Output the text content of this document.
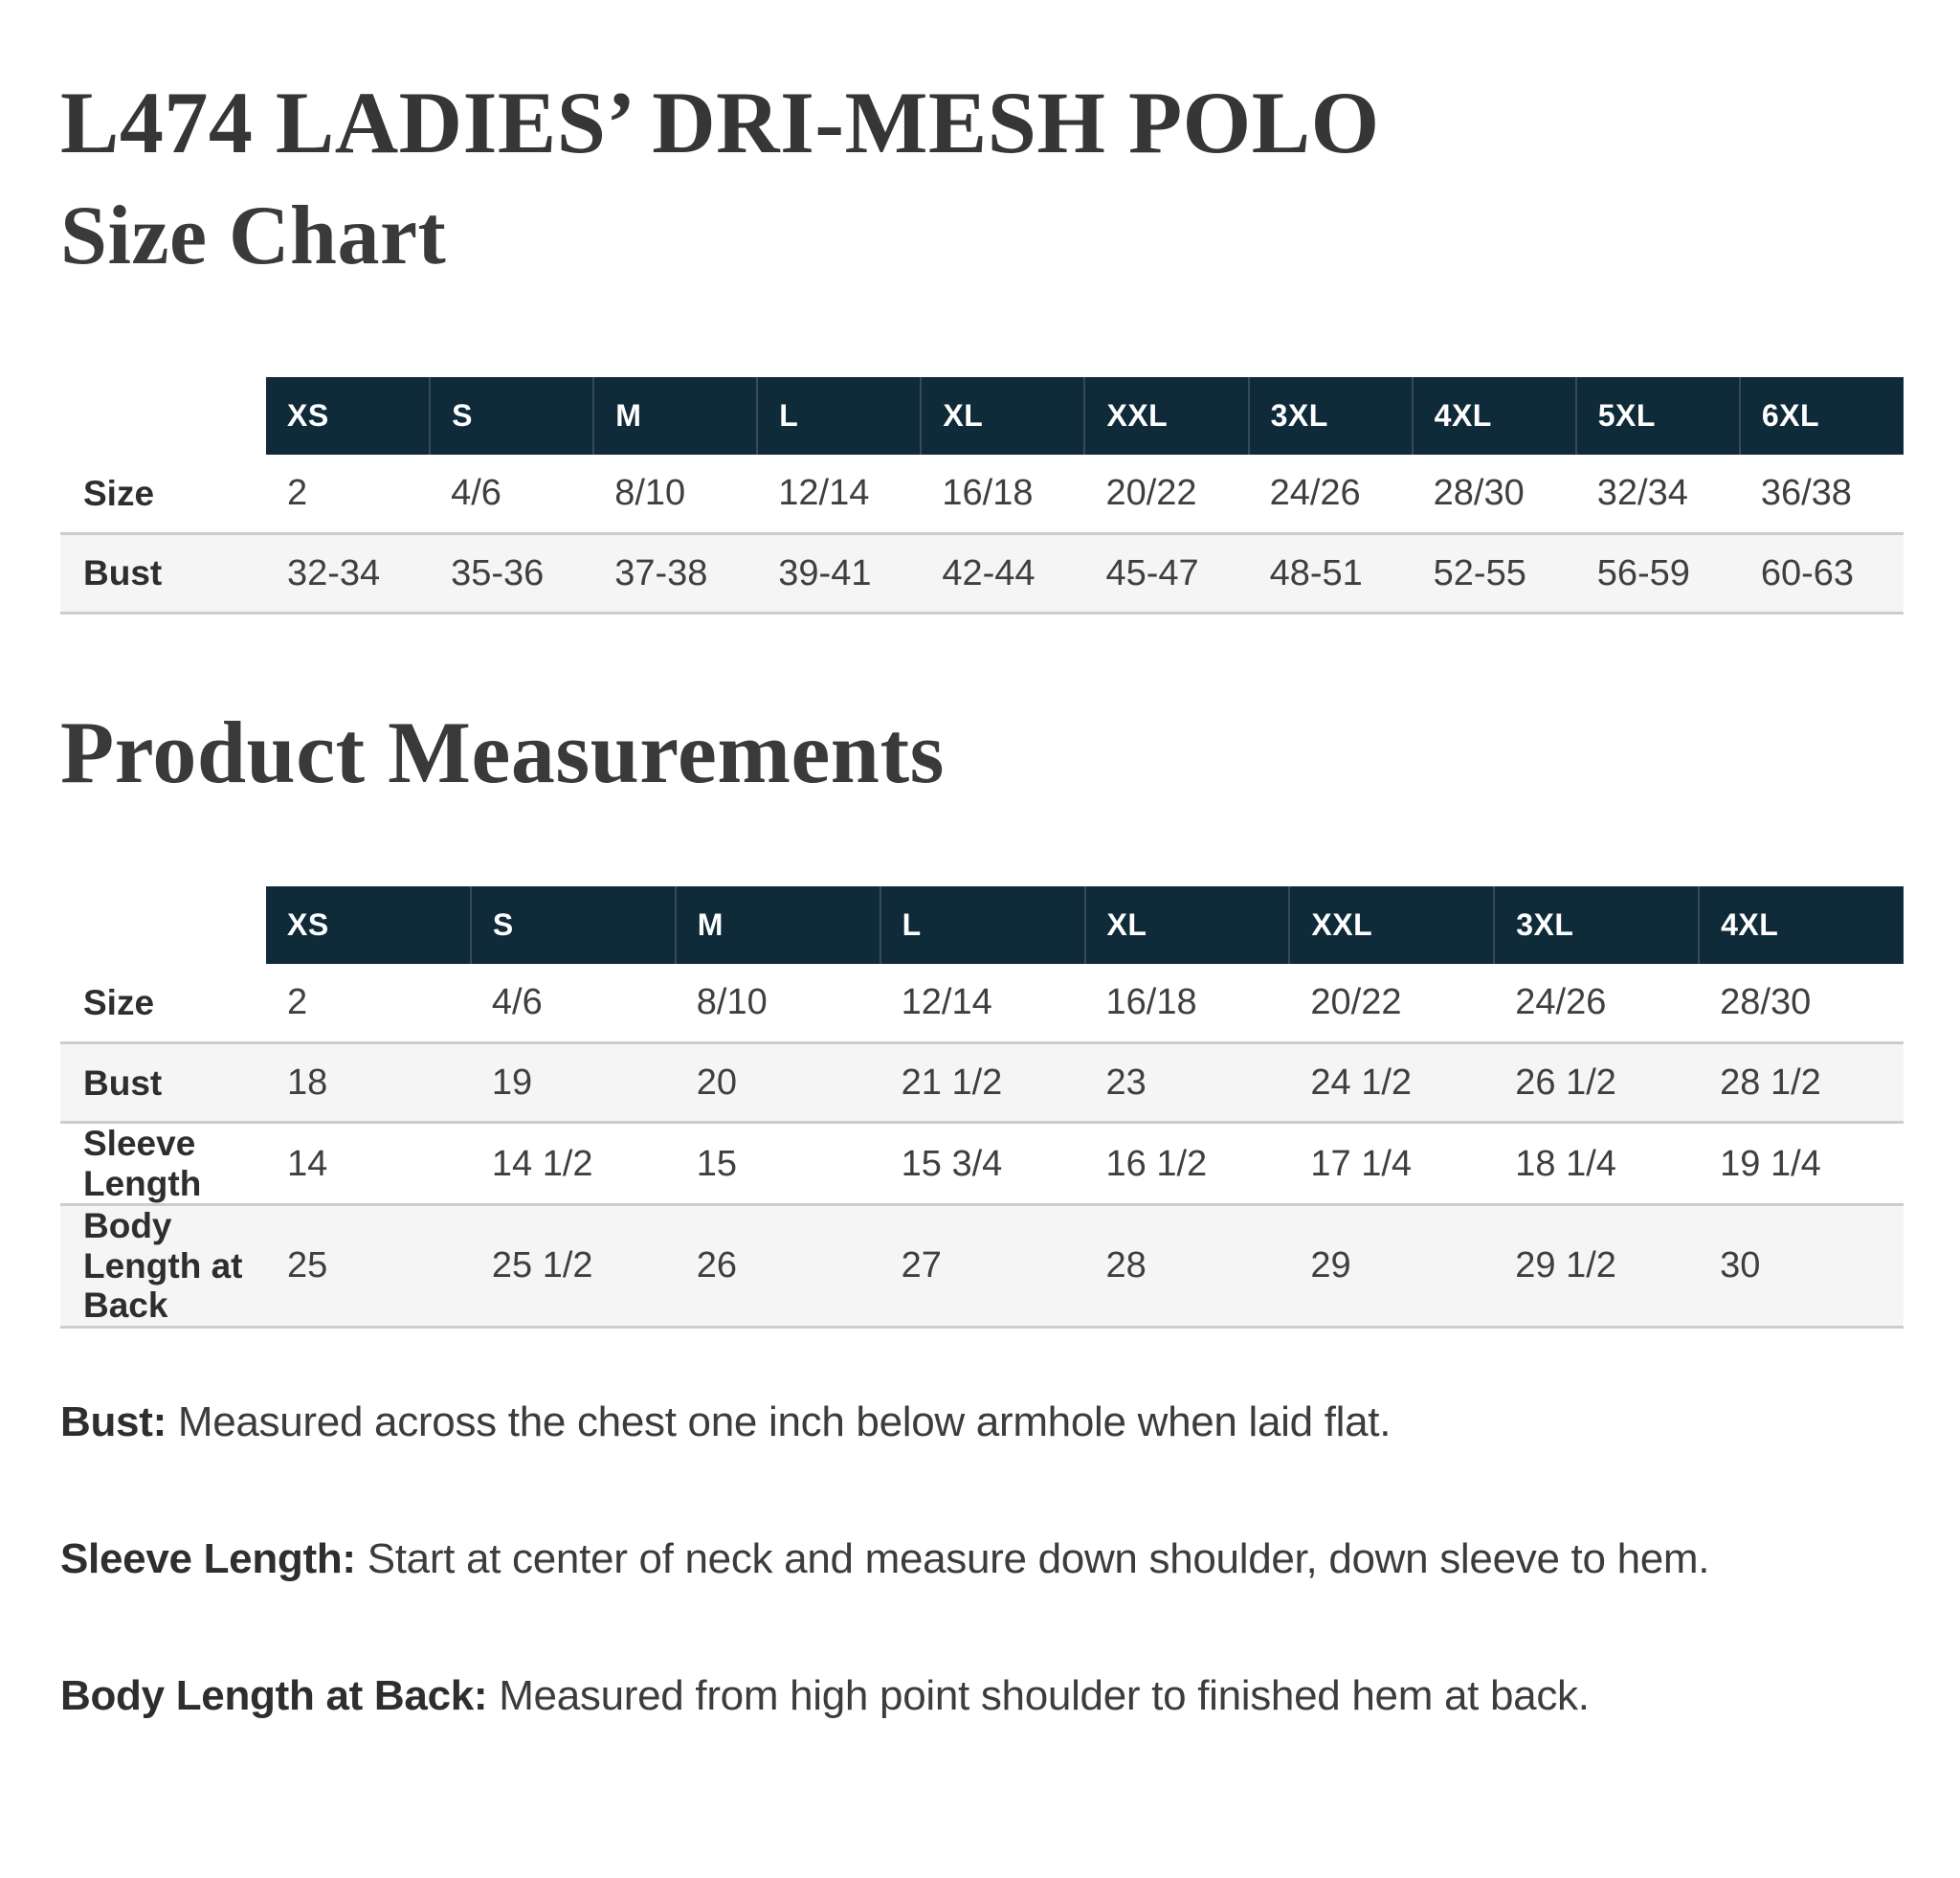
L474 LADIES’ DRI-MESH POLO
Size Chart
	XS	S	M	L	XL	XXL	3XL	4XL	5XL	6XL
Size	2	4/6	8/10	12/14	16/18	20/22	24/26	28/30	32/34	36/38
Bust	32-34	35-36	37-38	39-41	42-44	45-47	48-51	52-55	56-59	60-63
Product Measurements
	XS	S	M	L	XL	XXL	3XL	4XL
Size	2	4/6	8/10	12/14	16/18	20/22	24/26	28/30
Bust	18	19	20	21 1/2	23	24 1/2	26 1/2	28 1/2
Sleeve Length	14	14 1/2	15	15 3/4	16 1/2	17 1/4	18 1/4	19 1/4
Body Length at Back	25	25 1/2	26	27	28	29	29 1/2	30

Bust: Measured across the chest one inch below armhole when laid flat.

Sleeve Length: Start at center of neck and measure down shoulder, down sleeve to hem.

Body Length at Back: Measured from high point shoulder to finished hem at back.
